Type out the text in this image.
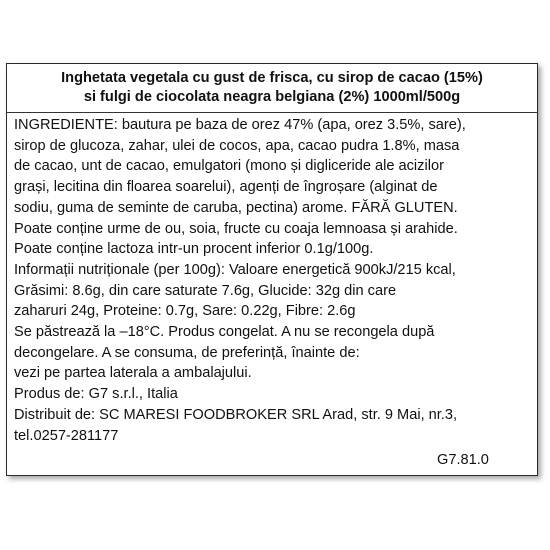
Inghetata vegetala cu gust de frisca, cu sirop de cacao (15%)
si fulgi de ciocolata neagra belgiana (2%) 1000ml/500g
INGREDIENTE: bautura pe baza de orez 47% (apa, orez 3.5%, sare),
sirop de glucoza, zahar, ulei de cocos, apa, cacao pudra 1.8%, masa
de cacao, unt de cacao, emulgatori (mono și digliceride ale acizilor
grași, lecitina din floarea soarelui), agenți de îngroșare (alginat de
sodiu, guma de seminte de caruba, pectina) arome. FĂRĂ GLUTEN.
Poate conține urme de ou, soia, fructe cu coaja lemnoasa și arahide.
Poate conține lactoza intr-un procent inferior 0.1g/100g.
Informații nutriționale (per 100g): Valoare energetică 900kJ/215 kcal,
Grăsimi: 8.6g, din care saturate 7.6g, Glucide: 32g din care
zaharuri 24g, Proteine: 0.7g, Sare: 0.22g, Fibre: 2.6g
Se păstrează la –18°C. Produs congelat. A nu se recongela după
decongelare. A se consuma, de preferință, înainte de:
vezi pe partea laterala a ambalajului.
Produs de: G7 s.r.l., Italia
Distribuit de: SC MARESI FOODBROKER SRL Arad, str. 9 Mai, nr.3,
tel.0257-281177
G7.81.0
